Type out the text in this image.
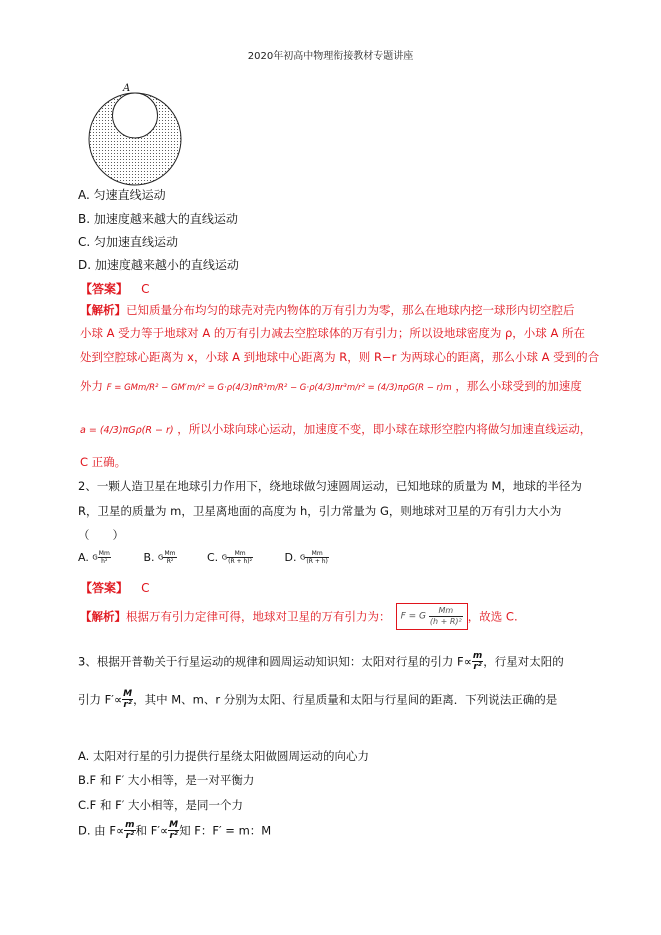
2020年初高中物理衔接教材专题讲座
A
A. 匀速直线运动
B. 加速度越来越大的直线运动
C. 匀加速直线运动
D. 加速度越来越小的直线运动
【答案】 C
【解析】已知质量分布均匀的球壳对壳内物体的万有引力为零，那么在地球内挖一球形内切空腔后
小球 A 受力等于地球对 A 的万有引力减去空腔球体的万有引力；所以设地球密度为 ρ，小球 A 所在
处到空腔球心距离为 x，小球 A 到地球中心距离为 R，则 R−r 为两球心的距离，那么小球 A 受到的合
外力 F = GMm/R² − GM′m/r² = G·ρ(4/3)πR³m/R² − G·ρ(4/3)πr³m/r² = (4/3)πρG(R − r)m ，那么小球受到的加速度
a = (4/3)πGρ(R − r) ，所以小球向球心运动，加速度不变，即小球在球形空腔内将做匀加速直线运动，
C 正确。
2、一颗人造卫星在地球引力作用下，绕地球做匀速圆周运动，已知地球的质量为 M，地球的半径为
R，卫星的质量为 m，卫星离地面的高度为 h，引力常量为 G，则地球对卫星的万有引力大小为
（　　）
A. G $\frac{Mm}{\text{h²}}$	B. G $\frac{Mm}{\text{R²}}$	C. G $\frac{Mm}{\text{(R + h)²}}$	D. G $\frac{Mm}{(R + h)}$
【答案】 C
【解析】根据万有引力定律可得，地球对卫星的万有引力为： F = G $\frac{Mm}{\text{(h + R)²}}$ ，故选 C.
3、根据开普勒关于行星运动的规律和圆周运动知识知：太阳对行星的引力 $F\propto \frac{m}{\text{r²}}$ ，行星对太阳的
引力 $F'\propto \frac{M}{\text{r²}}$ ，其中 M、m、r 分别为太阳、行星质量和太阳与行星间的距离．下列说法正确的是
A. 太阳对行星的引力提供行星绕太阳做圆周运动的向心力
B.F 和 F′ 大小相等，是一对平衡力
C.F 和 F′ 大小相等，是同一个力
D. 由 $F\propto \frac{m}{\text{r²}}$ 和 $F'\propto \frac{M}{\text{r²}}$ 知 F：F′ = m：M
